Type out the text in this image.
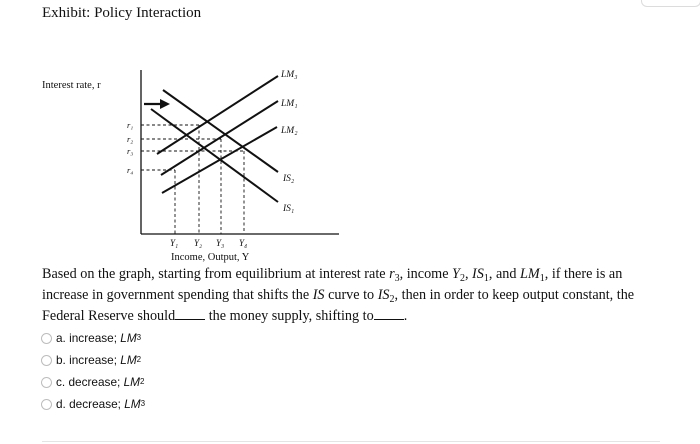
Exhibit: Policy Interaction
Interest rate, r
Income, Output, Y
r₁
r₂
r₃
r₄
Y₁ Y₂ Y₃ Y₄
LM₃
LM₁
LM₂
IS₂
IS₁
Based on the graph, starting from equilibrium at interest rate $r_3$, income $Y_2$, $IS_1$, and $LM_1$, if there is an increase in government spending that shifts the IS curve to $IS_2$, then in order to keep output constant, the Federal Reserve should the money supply, shifting to .
a.
increase;
LM 3
b.
increase;
LM 2
c.
decrease;
LM 2
d.
decrease;
LM 3
